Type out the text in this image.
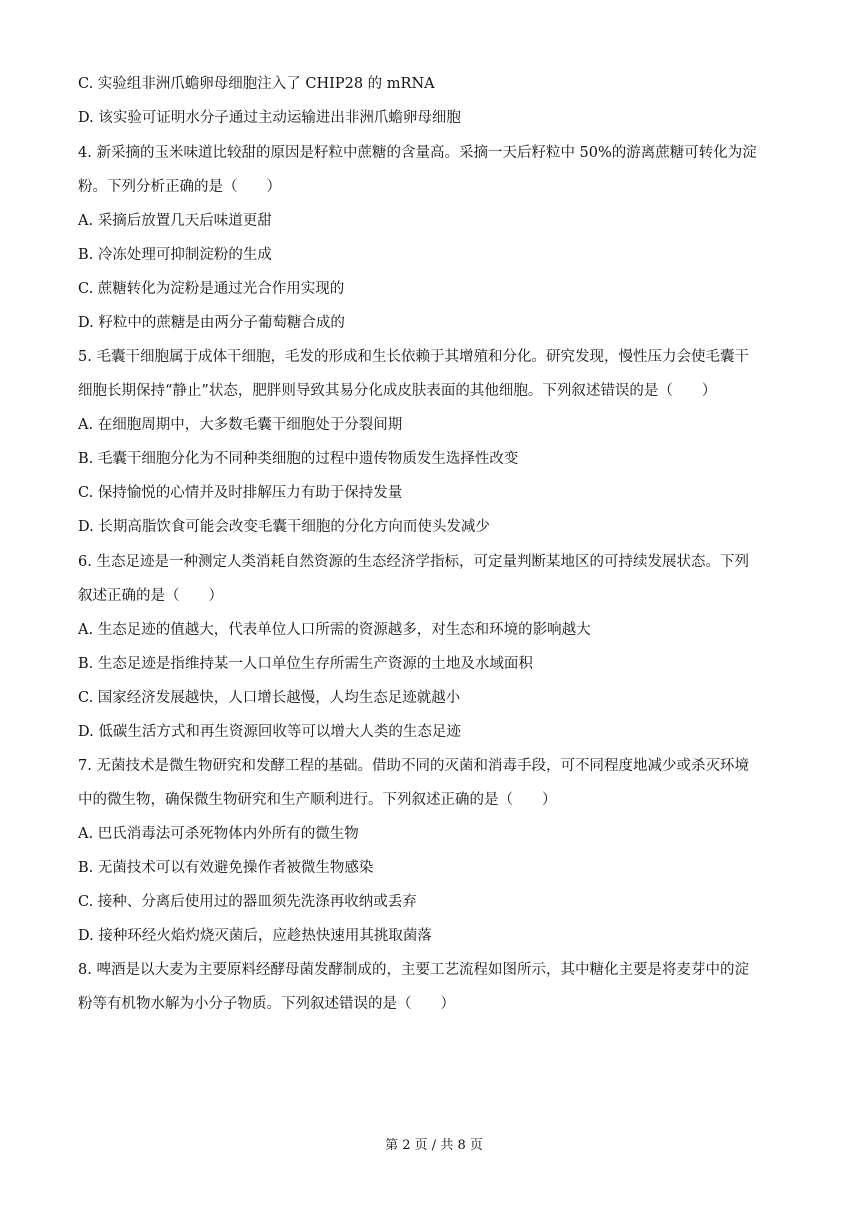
C. 实验组非洲爪蟾卵母细胞注入了 CHIP28 的 mRNA
D. 该实验可证明水分子通过主动运输进出非洲爪蟾卵母细胞
4. 新采摘的玉米味道比较甜的原因是籽粒中蔗糖的含量高。采摘一天后籽粒中 50%的游离蔗糖可转化为淀
粉。下列分析正确的是（　　）
A. 采摘后放置几天后味道更甜
B. 冷冻处理可抑制淀粉的生成
C. 蔗糖转化为淀粉是通过光合作用实现的
D. 籽粒中的蔗糖是由两分子葡萄糖合成的
5. 毛囊干细胞属于成体干细胞，毛发的形成和生长依赖于其增殖和分化。研究发现，慢性压力会使毛囊干
细胞长期保持“静止”状态，肥胖则导致其易分化成皮肤表面的其他细胞。下列叙述错误的是（　　）
A. 在细胞周期中，大多数毛囊干细胞处于分裂间期
B. 毛囊干细胞分化为不同种类细胞的过程中遗传物质发生选择性改变
C. 保持愉悦的心情并及时排解压力有助于保持发量
D. 长期高脂饮食可能会改变毛囊干细胞的分化方向而使头发减少
6. 生态足迹是一种测定人类消耗自然资源的生态经济学指标，可定量判断某地区的可持续发展状态。下列
叙述正确的是（　　）
A. 生态足迹的值越大，代表单位人口所需的资源越多，对生态和环境的影响越大
B. 生态足迹是指维持某一人口单位生存所需生产资源的土地及水域面积
C. 国家经济发展越快，人口增长越慢，人均生态足迹就越小
D. 低碳生活方式和再生资源回收等可以增大人类的生态足迹
7. 无菌技术是微生物研究和发酵工程的基础。借助不同的灭菌和消毒手段，可不同程度地减少或杀灭环境
中的微生物，确保微生物研究和生产顺利进行。下列叙述正确的是（　　）
A. 巴氏消毒法可杀死物体内外所有的微生物
B. 无菌技术可以有效避免操作者被微生物感染
C. 接种、分离后使用过的器皿须先洗涤再收纳或丢弃
D. 接种环经火焰灼烧灭菌后，应趁热快速用其挑取菌落
8. 啤酒是以大麦为主要原料经酵母菌发酵制成的，主要工艺流程如图所示，其中糖化主要是将麦芽中的淀
粉等有机物水解为小分子物质。下列叙述错误的是（　　）
第 2 页 / 共 8 页
